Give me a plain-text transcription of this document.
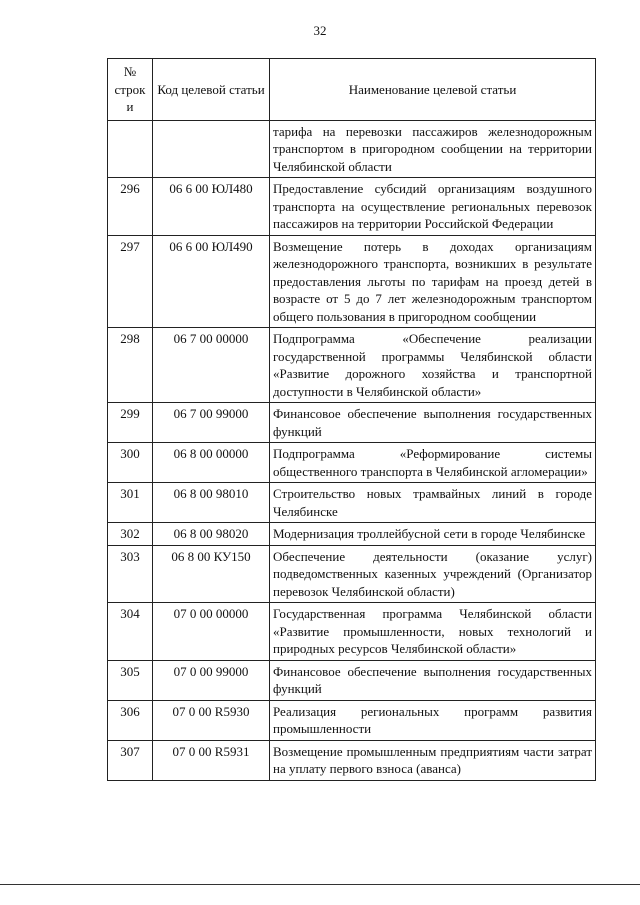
32
№ строк и	Код целевой статьи	Наименование целевой статьи
		тарифа на перевозки пассажиров железнодорожным транспортом в пригородном сообщении на территории Челябинской области
296	06 6 00 ЮЛ480	Предоставление субсидий организациям воздушного транспорта на осуществление региональных перевозок пассажиров на территории Российской Федерации
297	06 6 00 ЮЛ490	Возмещение потерь в доходах организациям железнодорожного транспорта, возникших в результате предоставления льготы по тарифам на проезд детей в возрасте от 5 до 7 лет железнодорожным транспортом общего пользования в пригородном сообщении
298	06 7 00 00000	Подпрограмма «Обеспечение реализации государственной программы Челябинской области «Развитие дорожного хозяйства и транспортной доступности в Челябинской области»
299	06 7 00 99000	Финансовое обеспечение выполнения государственных функций
300	06 8 00 00000	Подпрограмма «Реформирование системы общественного транспорта в Челябинской агломерации»
301	06 8 00 98010	Строительство новых трамвайных линий в городе Челябинске
302	06 8 00 98020	Модернизация троллейбусной сети в городе Челябинске
303	06 8 00 КУ150	Обеспечение деятельности (оказание услуг) подведомственных казенных учреждений (Организатор перевозок Челябинской области)
304	07 0 00 00000	Государственная программа Челябинской области «Развитие промышленности, новых технологий и природных ресурсов Челябинской области»
305	07 0 00 99000	Финансовое обеспечение выполнения государственных функций
306	07 0 00 R5930	Реализация региональных программ развития промышленности
307	07 0 00 R5931	Возмещение промышленным предприятиям части затрат на уплату первого взноса (аванса)
